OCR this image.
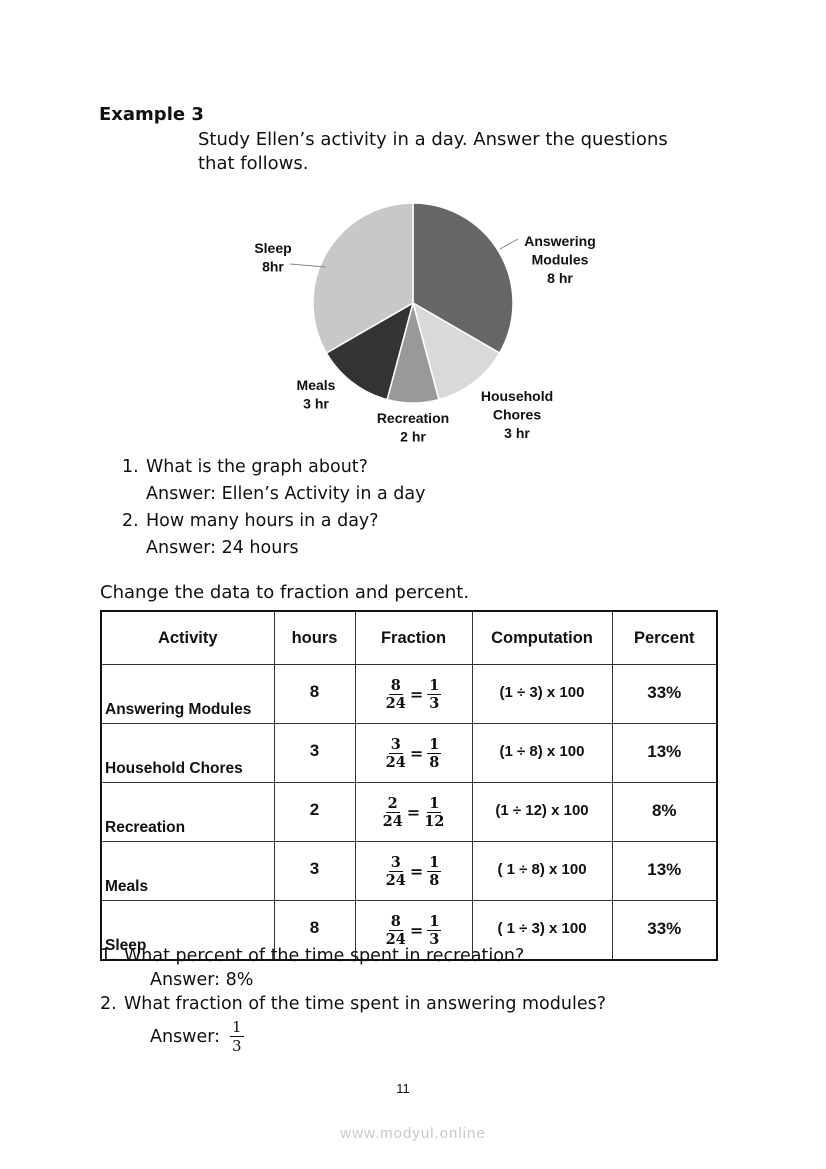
Example 3
Study Ellen’s activity in a day. Answer the questions
that follows.
Answering Modules 8 hr
Household Chores 3 hr
Recreation 2 hr
Meals 3 hr
Sleep 8hr
1. What is the graph about?
Answer: Ellen’s Activity in a day
2. How many hours in a day?
Answer: 24 hours
Change the data to fraction and percent.
Activity	hours	Fraction	Computation	Percent
Answering Modules	8	$\frac{8}{24} = \frac{1}{3}$	(1 ÷ 3) x 100	33%
Household Chores	3	$\frac{3}{24} = \frac{1}{8}$	(1 ÷ 8) x 100	13%
Recreation	2	$\frac{2}{24} = \frac{1}{12}$	(1 ÷ 12) x 100	8%
Meals	3	$\frac{3}{24} = \frac{1}{8}$	( 1 ÷ 8) x 100	13%
Sleep	8	$\frac{8}{24} = \frac{1}{3}$	( 1 ÷ 3) x 100	33%
1. What percent of the time spent in recreation?
Answer: 8%
2. What fraction of the time spent in answering modules?
Answer: $\frac{1}{3}$
11
www.modyul.online
